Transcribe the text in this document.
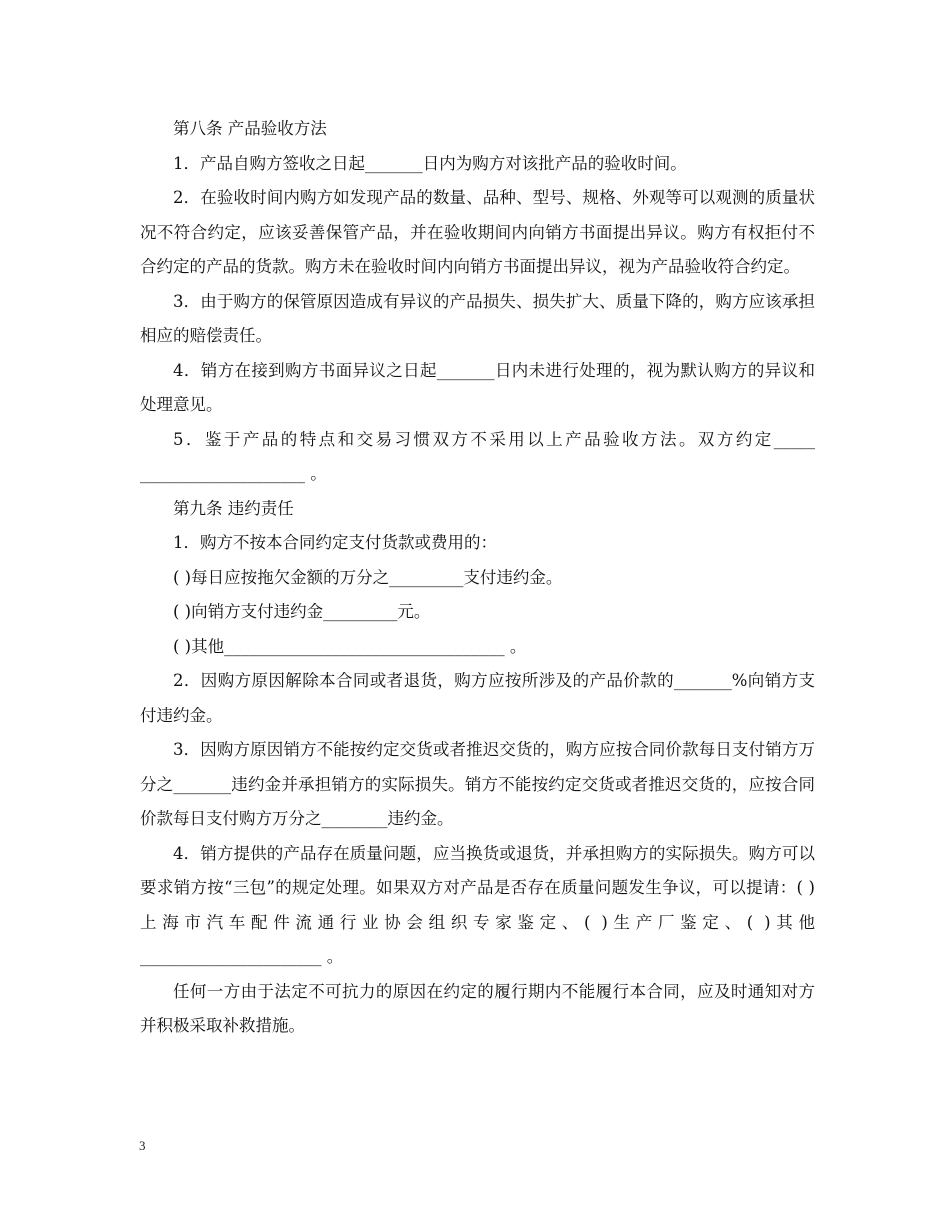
第八条 产品验收方法

1．产品自购方签收之日起_______日内为购方对该批产品的验收时间。

2．在验收时间内购方如发现产品的数量、品种、型号、规格、外观等可以观测的质量状况不符合约定，应该妥善保管产品，并在验收期间内向销方书面提出异议。购方有权拒付不合约定的产品的货款。购方未在验收时间内向销方书面提出异议，视为产品验收符合约定。

3．由于购方的保管原因造成有异议的产品损失、损失扩大、质量下降的，购方应该承担相应的赔偿责任。

4．销方在接到购方书面异议之日起_______日内未进行处理的，视为默认购方的异议和处理意见。

5．鉴于产品的特点和交易习惯双方不采用以上产品验收方法。双方约定_____ ____________________ 。

第九条 违约责任

1．购方不按本合同约定支付货款或费用的：

( )每日应按拖欠金额的万分之_________支付违约金。

( )向销方支付违约金_________元。

( )其他__________________________________ 。

2．因购方原因解除本合同或者退货，购方应按所涉及的产品价款的_______%向销方支付违约金。

3．因购方原因销方不能按约定交货或者推迟交货的，购方应按合同价款每日支付销方万分之_______违约金并承担销方的实际损失。销方不能按约定交货或者推迟交货的，应按合同价款每日支付购方万分之________违约金。

4．销方提供的产品存在质量问题，应当换货或退货，并承担购方的实际损失。购方可以要求销方按“三包”的规定处理。如果双方对产品是否存在质量问题发生争议，可以提请：( )上海市汽车配件流通行业协会组织专家鉴定、( )生产厂鉴定、( )其他______________________ 。

任何一方由于法定不可抗力的原因在约定的履行期内不能履行本合同，应及时通知对方并积极采取补救措施。

3
